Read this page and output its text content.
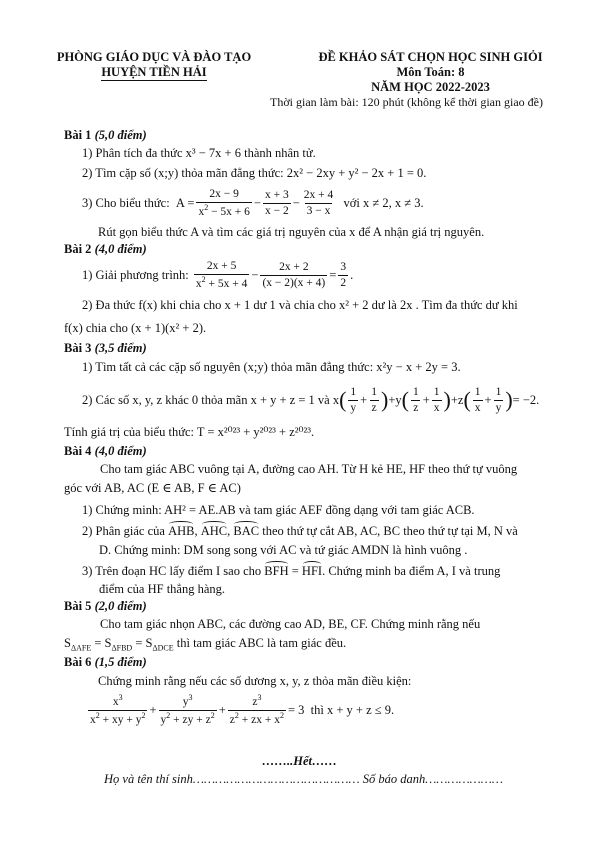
PHÒNG GIÁO DỤC VÀ ĐÀO TẠO
HUYỆN TIỀN HẢI
ĐỀ KHẢO SÁT CHỌN HỌC SINH GIỎI
Môn Toán: 8
NĂM HỌC 2022-2023
Thời gian làm bài: 120 phút (không kể thời gian giao đề)
Bài 1 (5,0 điểm)
1) Phân tích đa thức x³ − 7x + 6 thành nhân tử.
2) Tìm cặp số (x;y) thỏa mãn đẳng thức: 2x² − 2xy + y² − 2x + 1 = 0.
3) Cho biểu thức:
$A = \frac{2x - 9}{x^2 - 5x + 6} - \frac{x + 3}{x - 2} - \frac{2x + 4}{3 - x}$
với x ≠ 2, x ≠ 3.
Rút gọn biểu thức A và tìm các giá trị nguyên của x để A nhận giá trị nguyên.
Bài 2 (4,0 điểm)
1) Giải phương trình:
$\frac{2x + 5}{x^2 + 5x + 4} - \frac{2x + 2}{(x - 2)(x + 4)} = \frac{3}{2}$ .
2) Đa thức f(x) khi chia cho x + 1 dư 1 và chia cho x² + 2 dư là 2x . Tìm đa thức dư khi
f(x) chia cho (x + 1)(x² + 2).
Bài 3 (3,5 điểm)
1) Tìm tất cả các cặp số nguyên (x;y) thỏa mãn đẳng thức: x²y − x + 2y = 3.
2) Các số x, y, z khác 0 thỏa mãn x + y + z = 1 và
x ( $\frac{1}{y} + \frac{1}{z}$ ) +y ( $\frac{1}{z} + \frac{1}{x}$ ) +z ( $\frac{1}{x} + \frac{1}{y}$ ) = −2.
Tính giá trị của biểu thức: T = x²⁰²³ + y²⁰²³ + z²⁰²³.
Bài 4 (4,0 điểm)
Cho tam giác ABC vuông tại A, đường cao AH. Từ H kẻ HE, HF theo thứ tự vuông
góc với AB, AC (E ∈ AB, F ∈ AC)
1) Chứng minh: AH² = AE.AB và tam giác AEF đồng dạng với tam giác ACB.
2) Phân giác của AHB, AHC, BAC theo thứ tự cắt AB, AC, BC theo thứ tự tại M, N và
D. Chứng minh: DM song song với AC và tứ giác AMDN là hình vuông .
3) Trên đoạn HC lấy điểm I sao cho BFH = HFI. Chứng minh ba điểm A, I và trung
điểm của HF thẳng hàng.
Bài 5 (2,0 điểm)
Cho tam giác nhọn ABC, các đường cao AD, BE, CF. Chứng minh rằng nếu
$S_{\Delta AFE} = S_{\Delta FBD} = S_{\Delta DCE}$ thì tam giác ABC là tam giác đều.
Bài 6 (1,5 điểm)
Chứng minh rằng nếu các số dương x, y, z thỏa mãn điều kiện:
$\frac{x^3}{x^2 + xy + y^2} + \frac{y^3}{y^2 + zy + z^2} + \frac{z^3}{z^2 + zx + x^2} = 3$
thì x + y + z ≤ 9.
……..Hết……
Họ và tên thí sinh……………………………………… Số báo danh…………………
